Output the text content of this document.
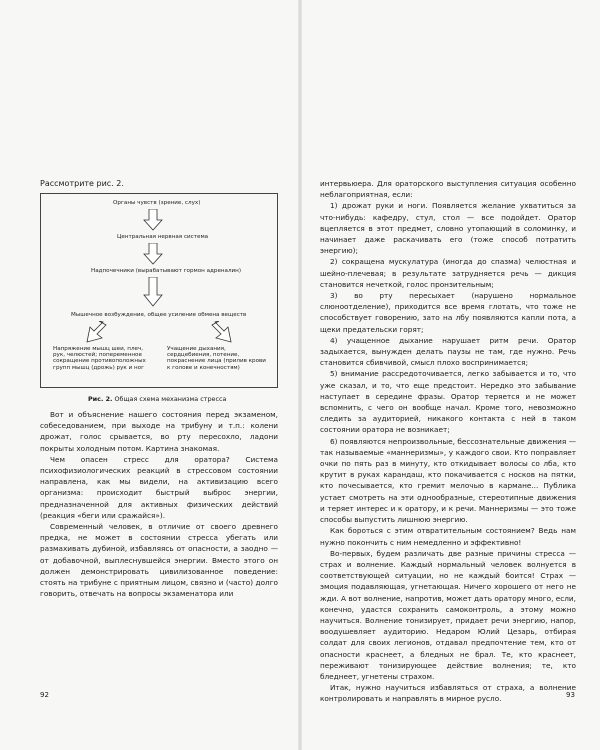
Рассмотрите рис. 2.
Органы чувств (зрение, слух)
Центральная нервная система
Надпочечники (вырабатывают гормон адреналин)
Мышечное возбуждение, общее усиление обмена веществ
Напряжение мышц шеи, плеч, рук, челюстей; попеременное сокращение противоположных групп мышц (дрожь) рук и ног
Учащение дыхания, сердцебиения, потение, покраснение лица (прилив крови к голове и конечностям)
Рис. 2. Общая схема механизма стресса

Вот и объяснение нашего состояния перед экзаменом, собеседованием, при выходе на трибуну и т.п.: колени дрожат, голос срывается, во рту пересохло, ладони покрыты холодным потом. Картина знакомая.

Чем опасен стресс для оратора? Система психофизиологических реакций в стрессовом состоянии направлена, как мы видели, на активизацию всего организма: происходит быстрый выброс энергии, предназначенной для активных физических действий (реакция «беги или сражайся»).

Современный человек, в отличие от своего древнего предка, не может в состоянии стресса убегать или размахивать дубиной, избавляясь от опасности, а заодно — от добавочной, выплеснувшейся энергии. Вместо этого он должен демонстрировать цивилизованное поведение: стоять на трибуне с приятным лицом, связно и (часто) долго говорить, отвечать на вопросы экзаменатора или

92

интервьюера. Для ораторского выступления ситуация особенно неблагоприятная, если:

1) дрожат руки и ноги. Появляется желание ухватиться за что-нибудь: кафедру, стул, стол — все подойдет. Оратор вцепляется в этот предмет, словно утопающий в соломинку, и начинает даже раскачивать его (тоже способ потратить энергию);

2) сокращена мускулатура (иногда до спазма) челюстная и шейно-плечевая; в результате затрудняется речь — дикция становится нечеткой, голос пронзительным;

3) во рту пересыхает (нарушено нормальное слюноотделение), приходится все время глотать, что тоже не способствует говорению, зато на лбу появляются капли пота, а щеки предательски горят;

4) учащенное дыхание нарушает ритм речи. Оратор задыхается, вынужден делать паузы не там, где нужно. Речь становится сбивчивой, смысл плохо воспринимается;

5) внимание рассредоточивается, легко забывается и то, что уже сказал, и то, что еще предстоит. Нередко это забывание наступает в середине фразы. Оратор теряется и не может вспомнить, с чего он вообще начал. Кроме того, невозможно следить за аудиторией, никакого контакта с ней в таком состоянии оратора не возникает;

6) появляются непроизвольные, бессознательные движения — так называемые «маннеризмы», у каждого свои. Кто поправляет очки по пять раз в минуту, кто откидывает волосы со лба, кто крутит в руках карандаш, кто покачивается с носков на пятки, кто почесывается, кто гремит мелочью в кармане... Публика устает смотреть на эти однообразные, стереотипные движения и теряет интерес и к оратору, и к речи. Маннеризмы — это тоже способы выпустить лишнюю энергию.

Как бороться с этим отвратительным состоянием? Ведь нам нужно покончить с ним немедленно и эффективно!

Во-первых, будем различать две разные причины стресса — страх и волнение. Каждый нормальный человек волнуется в соответствующей ситуации, но не каждый боится! Страх — эмоция подавляющая, угнетающая. Ничего хорошего от него не жди. А вот волнение, напротив, может дать оратору много, если, конечно, удастся сохранить самоконтроль, а этому можно научиться. Волнение тонизирует, придает речи энергию, напор, воодушевляет аудиторию. Недаром Юлий Цезарь, отбирая солдат для своих легионов, отдавал предпочтение тем, кто от опасности краснеет, а бледных не брал. Те, кто краснеет, переживают тонизирующее действие волнения; те, кто бледнеет, угнетены страхом.

Итак, нужно научиться избавляться от страха, а волнение контролировать и направлять в мирное русло.	93
